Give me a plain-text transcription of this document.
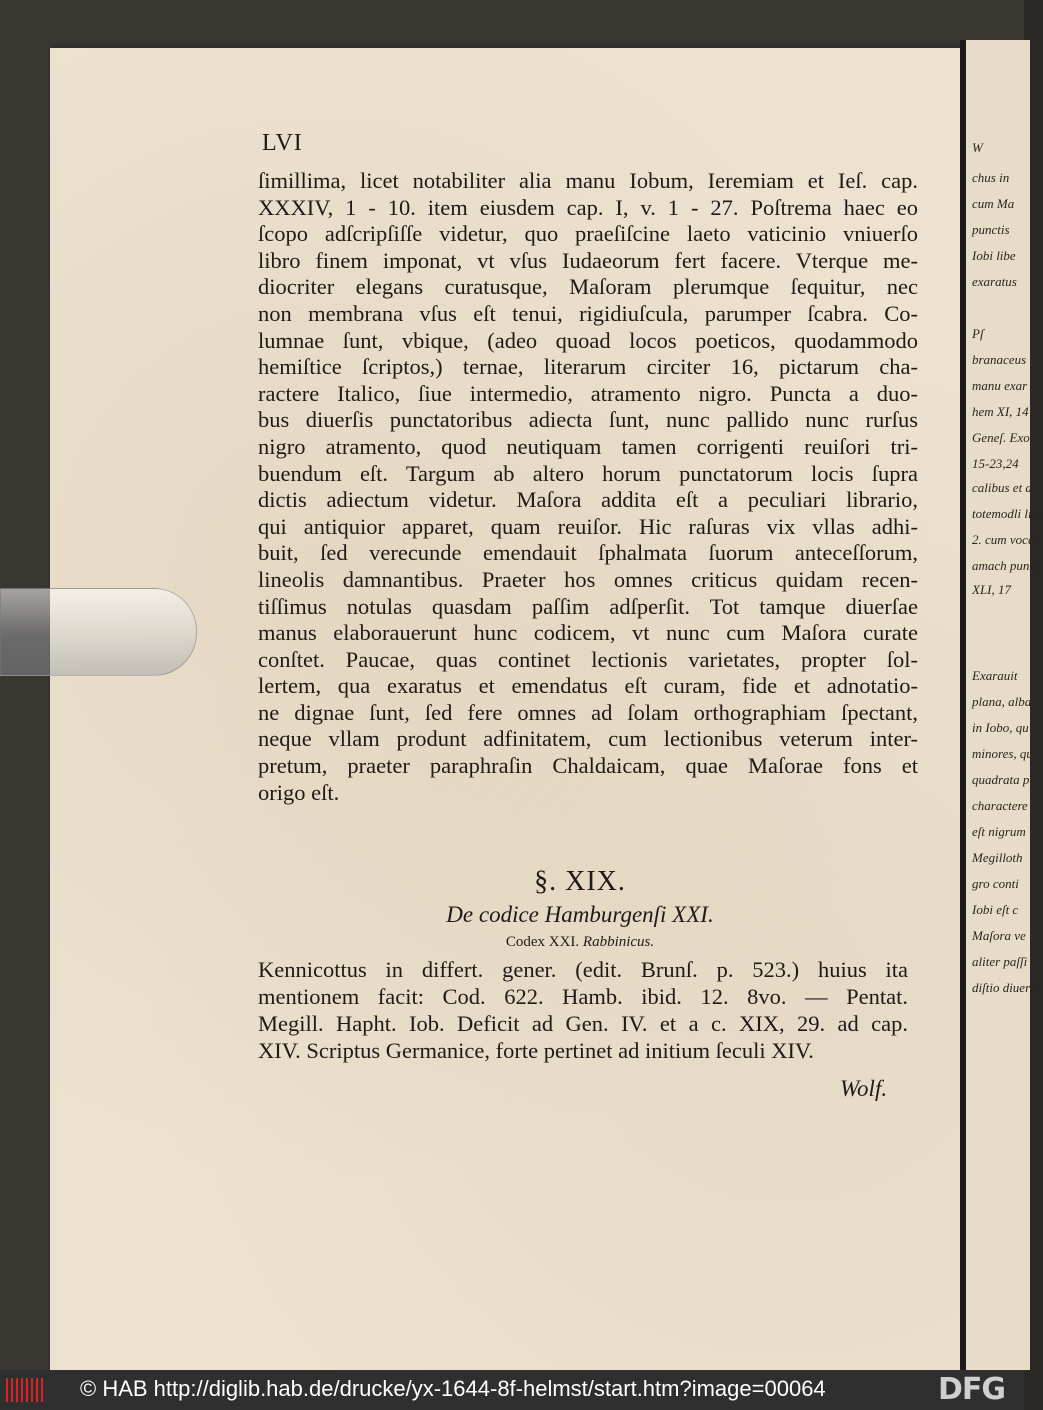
W
chus in
cum Ma
punctis
Iobi libe
exaratus
Pſ
branaceus
manu exar
hem XI, 14
Geneſ. Exo
15-23,24
calibus et a
totemodli libr
2. cum vocal
amach punkt
XLI, 17
Exarauit
plana, alba
in Iobo, qu
minores, qu
quadrata p
charactere
eſt nigrum
Megilloth
gro conti
Iobi eſt c
Maſora ve
aliter paſſi
diſtio diuerſ
LVI
ſimillima, licet notabiliter alia manu Iobum, Ieremiam et Ieſ. cap.
XXXIV, 1 - 10. item eiusdem cap. I, v. 1 - 27. Poſtrema haec eo
ſcopo adſcripſiſſe videtur, quo praeſiſcine laeto vaticinio vniuerſo
libro finem imponat, vt vſus Iudaeorum fert facere. Vterque me-
diocriter elegans curatusque, Maſoram plerumque ſequitur, nec
non membrana vſus eſt tenui, rigidiuſcula, parumper ſcabra. Co-
lumnae ſunt, vbique, (adeo quoad locos poeticos, quodammodo
hemiſtice ſcriptos,) ternae, literarum circiter 16, pictarum cha-
ractere Italico, ſiue intermedio, atramento nigro. Puncta a duo-
bus diuerſis punctatoribus adiecta ſunt, nunc pallido nunc rurſus
nigro atramento, quod neutiquam tamen corrigenti reuiſori tri-
buendum eſt. Targum ab altero horum punctatorum locis ſupra
dictis adiectum videtur. Maſora addita eſt a peculiari librario,
qui antiquior apparet, quam reuiſor. Hic raſuras vix vllas adhi-
buit, ſed verecunde emendauit ſphalmata ſuorum anteceſſorum,
lineolis damnantibus. Praeter hos omnes criticus quidam recen-
tiſſimus notulas quasdam paſſim adſperſit. Tot tamque diuerſae
manus elaborauerunt hunc codicem, vt nunc cum Maſora curate
conſtet. Paucae, quas continet lectionis varietates, propter ſol-
lertem, qua exaratus et emendatus eſt curam, fide et adnotatio-
ne dignae ſunt, ſed fere omnes ad ſolam orthographiam ſpectant,
neque vllam produnt adfinitatem, cum lectionibus veterum inter-
pretum, praeter paraphraſin Chaldaicam, quae Maſorae fons et
origo eſt.
§. XIX.
De codice Hamburgenſi XXI.
Codex XXI. Rabbinicus.
Kennicottus in differt. gener. (edit. Brunſ. p. 523.) huius ita
mentionem facit: Cod. 622. Hamb. ibid. 12. 8vo. — Pentat.
Megill. Hapht. Iob. Deficit ad Gen. IV. et a c. XIX, 29. ad cap.
XIV. Scriptus Germanice, forte pertinet ad initium ſeculi XIV.
Wolf.
© HAB http://diglib.hab.de/drucke/yx-1644-8f-helmst/start.htm?image=00064	DFG
